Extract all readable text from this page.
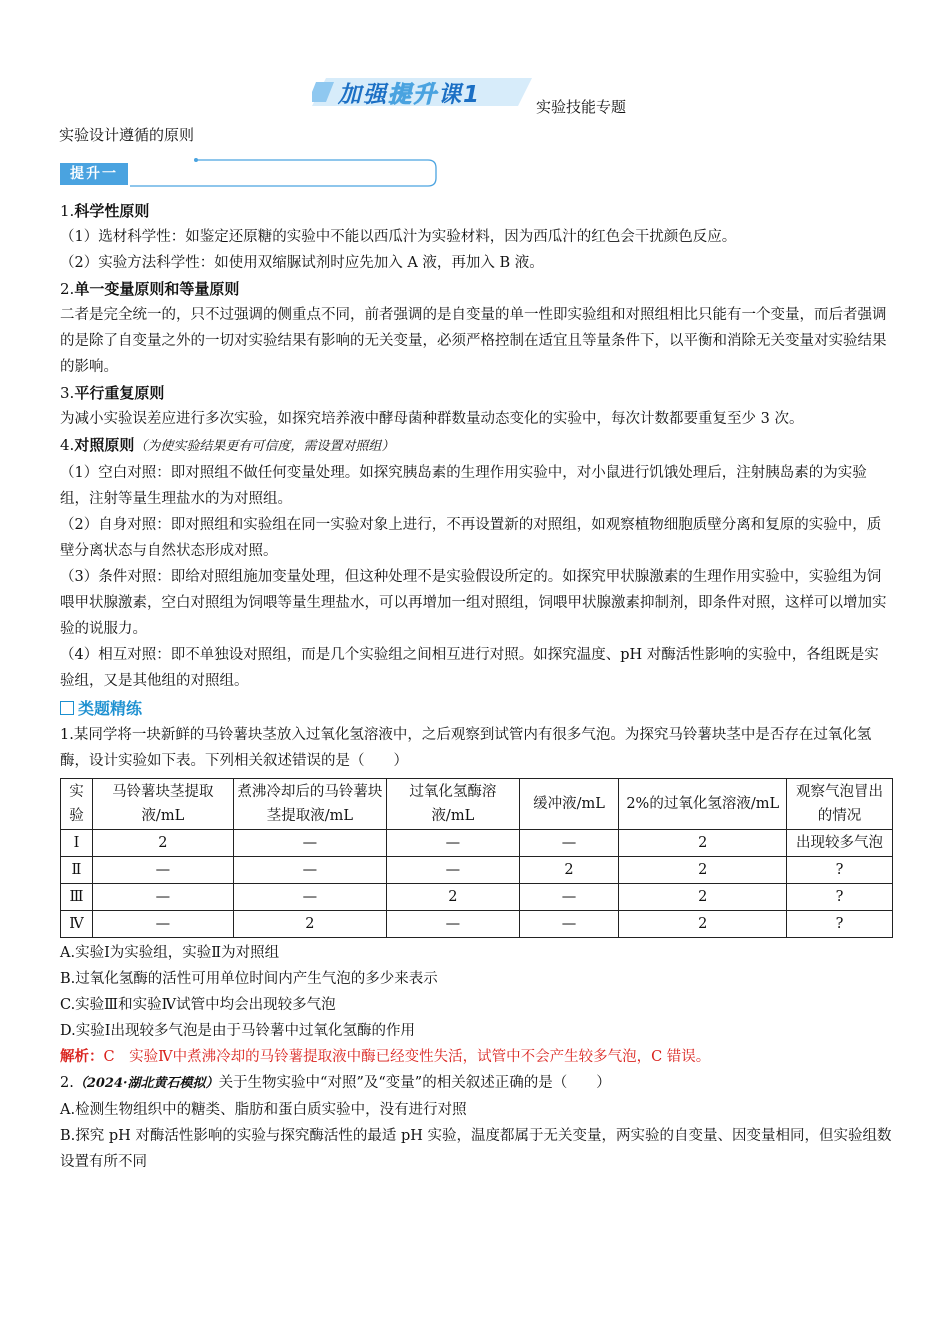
加强提升课1	实验技能专题
实验设计遵循的原则
提升一
1.科学性原则

（1）选材科学性：如鉴定还原糖的实验中不能以西瓜汁为实验材料，因为西瓜汁的红色会干扰颜色反应。

（2）实验方法科学性：如使用双缩脲试剂时应先加入 A 液，再加入 B 液。

2.单一变量原则和等量原则

二者是完全统一的，只不过强调的侧重点不同，前者强调的是自变量的单一性即实验组和对照组相比只能有一个变量，而后者强调的是除了自变量之外的一切对实验结果有影响的无关变量，必须严格控制在适宜且等量条件下，以平衡和消除无关变量对实验结果的影响。

3.平行重复原则

为减小实验误差应进行多次实验，如探究培养液中酵母菌种群数量动态变化的实验中，每次计数都要重复至少 3 次。

4.对照原则（为使实验结果更有可信度，需设置对照组）

（1）空白对照：即对照组不做任何变量处理。如探究胰岛素的生理作用实验中，对小鼠进行饥饿处理后，注射胰岛素的为实验组，注射等量生理盐水的为对照组。

（2）自身对照：即对照组和实验组在同一实验对象上进行，不再设置新的对照组，如观察植物细胞质壁分离和复原的实验中，质壁分离状态与自然状态形成对照。

（3）条件对照：即给对照组施加变量处理，但这种处理不是实验假设所定的。如探究甲状腺激素的生理作用实验中，实验组为饲喂甲状腺激素，空白对照组为饲喂等量生理盐水，可以再增加一组对照组，饲喂甲状腺激素抑制剂，即条件对照，这样可以增加实验的说服力。

（4）相互对照：即不单独设对照组，而是几个实验组之间相互进行对照。如探究温度、pH 对酶活性影响的实验中，各组既是实验组，又是其他组的对照组。

类题精练

1.某同学将一块新鲜的马铃薯块茎放入过氧化氢溶液中，之后观察到试管内有很多气泡。为探究马铃薯块茎中是否存在过氧化氢酶，设计实验如下表。下列相关叙述错误的是（　　）

实验	马铃薯块茎提取液/mL	煮沸冷却后的马铃薯块茎提取液/mL	过氧化氢酶溶液/mL	缓冲液/mL	2%的过氧化氢溶液/mL	观察气泡冒出的情况
Ⅰ	2	—	—	—	2	出现较多气泡
Ⅱ	—	—	—	2	2	?
Ⅲ	—	—	2	—	2	?
Ⅳ	—	2	—	—	2	?

A.实验Ⅰ为实验组，实验Ⅱ为对照组

B.过氧化氢酶的活性可用单位时间内产生气泡的多少来表示

C.实验Ⅲ和实验Ⅳ试管中均会出现较多气泡

D.实验Ⅰ出现较多气泡是由于马铃薯中过氧化氢酶的作用

解析：C　实验Ⅳ中煮沸冷却的马铃薯提取液中酶已经变性失活，试管中不会产生较多气泡，C 错误。

2.（2024·湖北黄石模拟）关于生物实验中“对照”及“变量”的相关叙述正确的是（　　）

A.检测生物组织中的糖类、脂肪和蛋白质实验中，没有进行对照

B.探究 pH 对酶活性影响的实验与探究酶活性的最适 pH 实验，温度都属于无关变量，两实验的自变量、因变量相同，但实验组数设置有所不同
